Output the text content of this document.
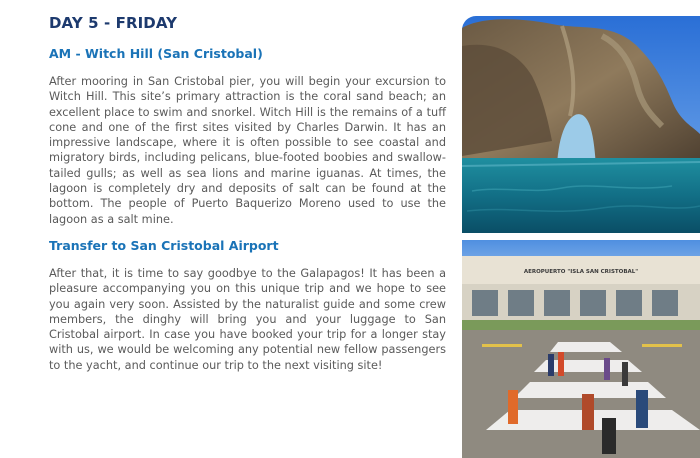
DAY 5 - FRIDAY
AM - Witch Hill (San Cristobal)

After mooring in San Cristobal pier, you will begin your excursion to Witch Hill. This site’s primary attraction is the coral sand beach; an excellent place to swim and snorkel. Witch Hill is the remains of a tuff cone and one of the first sites visited by Charles Darwin. It has an impressive landscape, where it is often possible to see coastal and migratory birds, including pelicans, blue-footed boobies and swallow-tailed gulls; as well as sea lions and marine iguanas. At times, the lagoon is completely dry and deposits of salt can be found at the bottom. The people of Puerto Baquerizo Moreno used to use the lagoon as a salt mine.

Transfer to San Cristobal Airport

After that, it is time to say goodbye to the Galapagos! It has been a pleasure accompanying you on this unique trip and we hope to see you again very soon. Assisted by the naturalist guide and some crew members, the dinghy will bring you and your luggage to San Cristobal airport. In case you have booked your trip for a longer stay with us, we would be welcoming any potential new fellow passengers to the yacht, and continue our trip to the next visiting site!

AEROPUERTO "ISLA SAN CRISTOBAL"
